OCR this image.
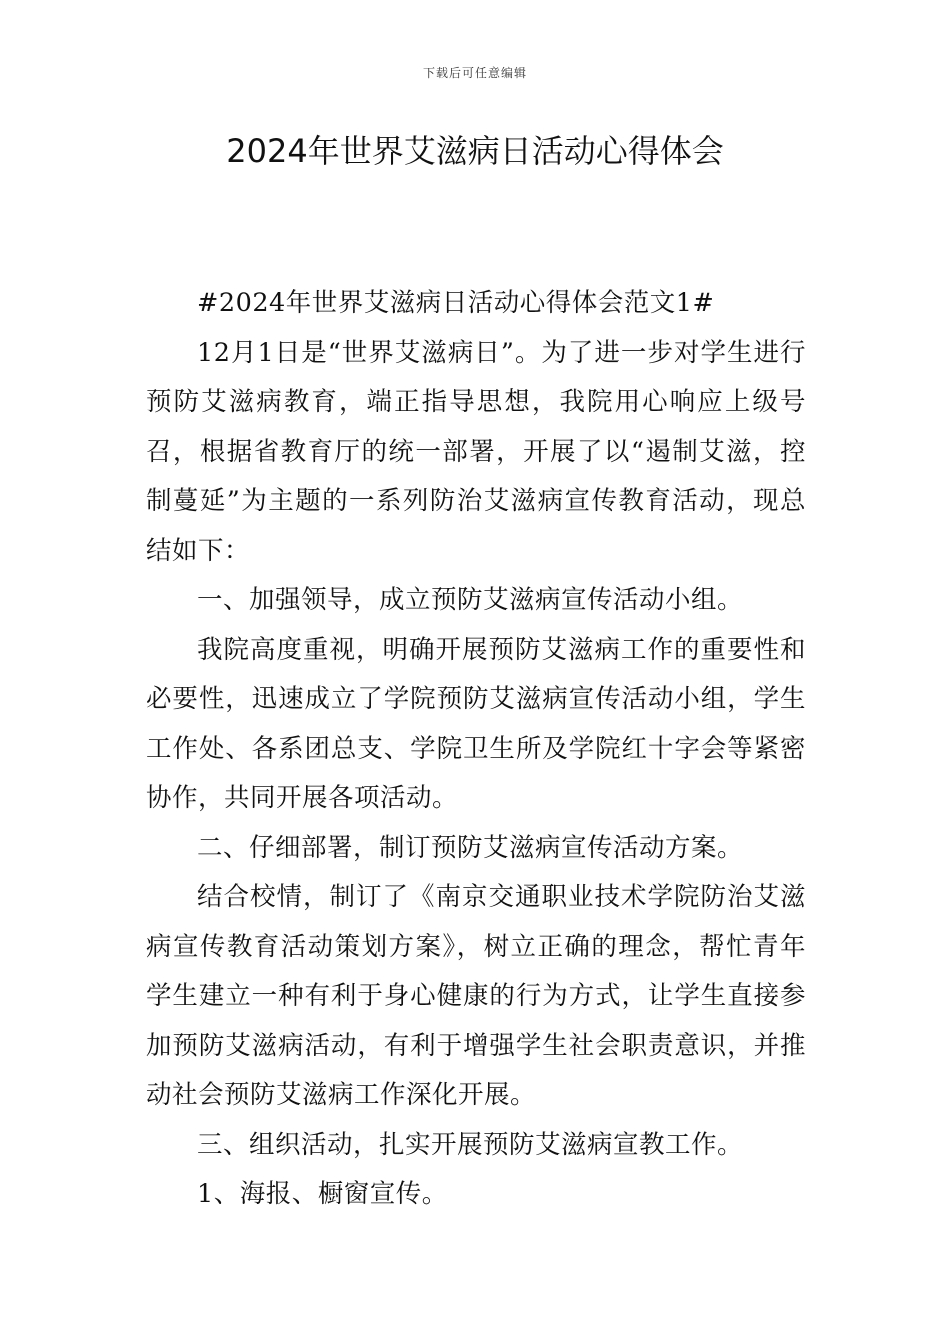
下载后可任意编辑
2024年世界艾滋病日活动心得体会

#2024年世界艾滋病日活动心得体会范文1#

12月1日是“世界艾滋病日”。为了进一步对学生进行预防艾滋病教育，端正指导思想，我院用心响应上级号召，根据省教育厅的统一部署，开展了以“遏制艾滋，控制蔓延”为主题的一系列防治艾滋病宣传教育活动，现总结如下：

一、加强领导，成立预防艾滋病宣传活动小组。

我院高度重视，明确开展预防艾滋病工作的重要性和必要性，迅速成立了学院预防艾滋病宣传活动小组，学生工作处、各系团总支、学院卫生所及学院红十字会等紧密协作，共同开展各项活动。

二、仔细部署，制订预防艾滋病宣传活动方案。

结合校情，制订了《南京交通职业技术学院防治艾滋病宣传教育活动策划方案》，树立正确的理念，帮忙青年学生建立一种有利于身心健康的行为方式，让学生直接参加预防艾滋病活动，有利于增强学生社会职责意识，并推动社会预防艾滋病工作深化开展。

三、组织活动，扎实开展预防艾滋病宣教工作。

1、海报、橱窗宣传。
